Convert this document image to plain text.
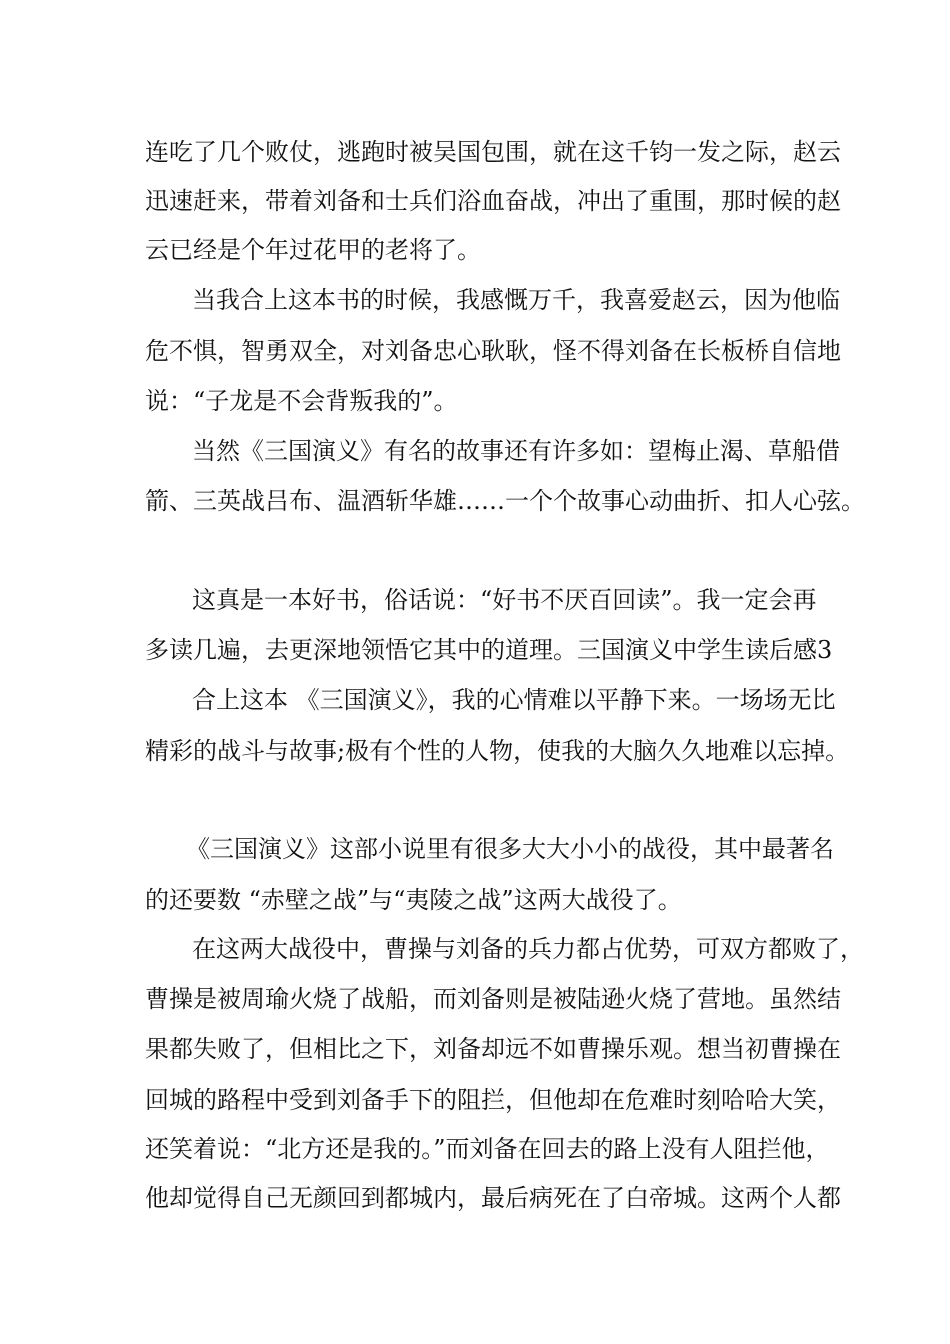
连吃了几个败仗，逃跑时被吴国包围，就在这千钧一发之际，赵云
迅速赶来，带着刘备和士兵们浴血奋战，冲出了重围，那时候的赵
云已经是个年过花甲的老将了。
当我合上这本书的时候，我感慨万千，我喜爱赵云，因为他临
危不惧，智勇双全，对刘备忠心耿耿，怪不得刘备在长板桥自信地
说：“子龙是不会背叛我的”。
当然《三国演义》有名的故事还有许多如：望梅止渴、草船借
箭、三英战吕布、温酒斩华雄……一个个故事心动曲折、扣人心弦。
这真是一本好书，俗话说：“好书不厌百回读”。我一定会再
多读几遍，去更深地领悟它其中的道理。三国演义中学生读后感3
合上这本 《三国演义》，我的心情难以平静下来。一场场无比
精彩的战斗与故事;极有个性的人物，使我的大脑久久地难以忘掉。
《三国演义》这部小说里有很多大大小小的战役，其中最著名
的还要数 “赤壁之战”与“夷陵之战”这两大战役了。
在这两大战役中，曹操与刘备的兵力都占优势，可双方都败了，
曹操是被周瑜火烧了战船，而刘备则是被陆逊火烧了营地。虽然结
果都失败了，但相比之下，刘备却远不如曹操乐观。想当初曹操在
回城的路程中受到刘备手下的阻拦，但他却在危难时刻哈哈大笑，
还笑着说：“北方还是我的。”而刘备在回去的路上没有人阻拦他，
他却觉得自己无颜回到都城内，最后病死在了白帝城。这两个人都
